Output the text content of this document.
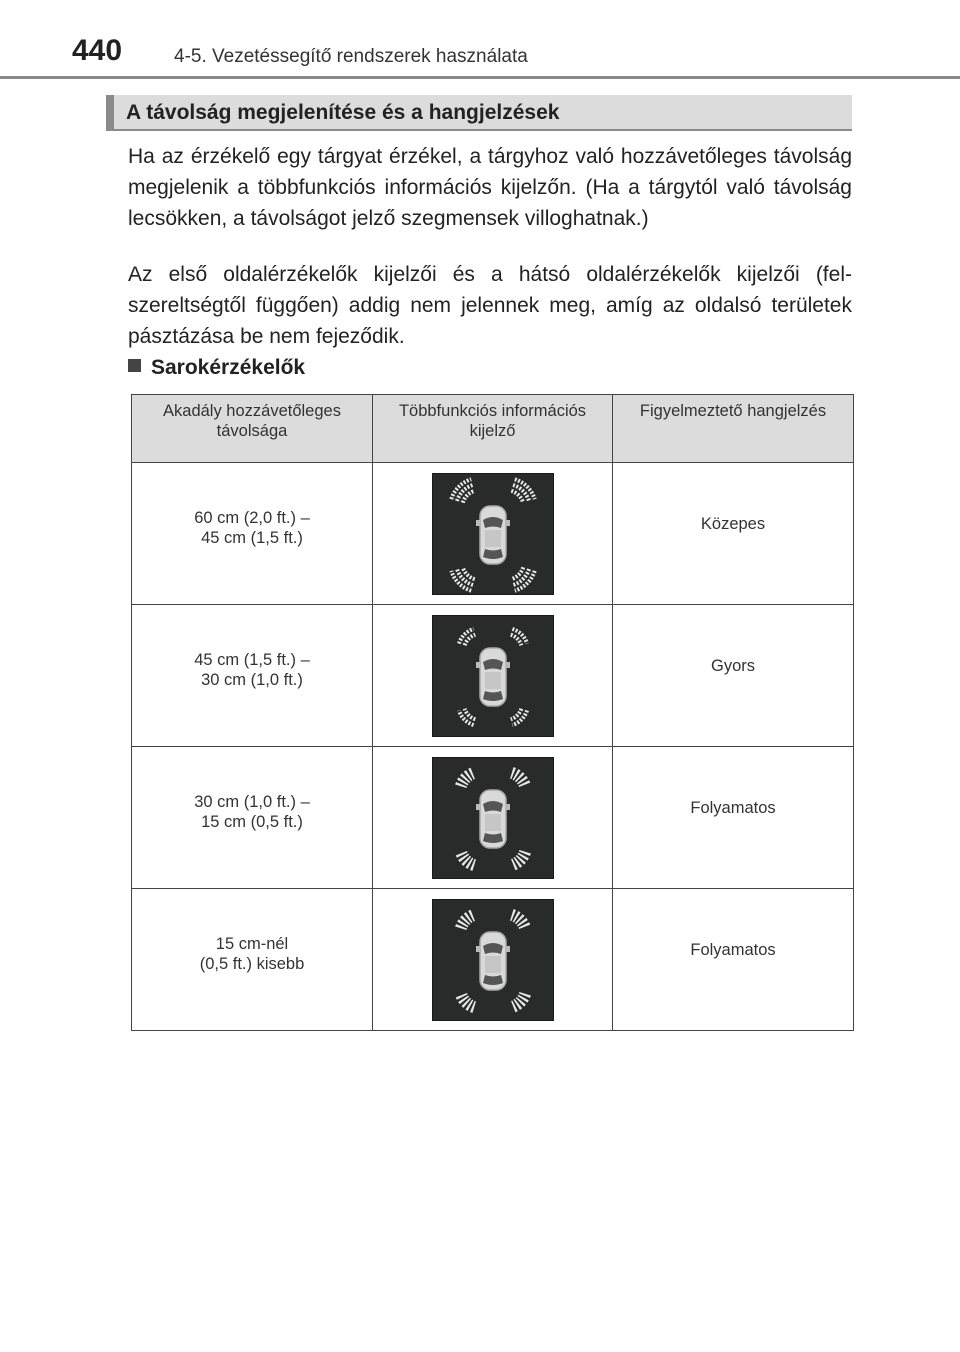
440	4-5. Vezetéssegítő rendszerek használata
A távolság megjelenítése és a hangjelzések
Ha az érzékelő egy tárgyat érzékel, a tárgyhoz való hozzávetőleges távolság megjelenik a többfunkciós információs kijelzőn. (Ha a tárgytól való távolság lecsökken, a távolságot jelző szegmensek villoghatnak.)
Az első oldalérzékelők kijelzői és a hátsó oldalérzékelők kijelzői (felszereltségtől függően) addig nem jelennek meg, amíg az oldalsó területek pásztázása be nem fejeződik.
Sarokérzékelők
Akadály hozzávetőleges távolsága	Többfunkciós információs kijelző	Figyelmeztető hangjelzés

60 cm (2,0 ft.) –
45 cm (1,5 ft.)		Közepes

45 cm (1,5 ft.) –
30 cm (1,0 ft.)		Gyors

30 cm (1,0 ft.) –
15 cm (0,5 ft.)		Folyamatos

15 cm-nél
(0,5 ft.) kisebb		Folyamatos
